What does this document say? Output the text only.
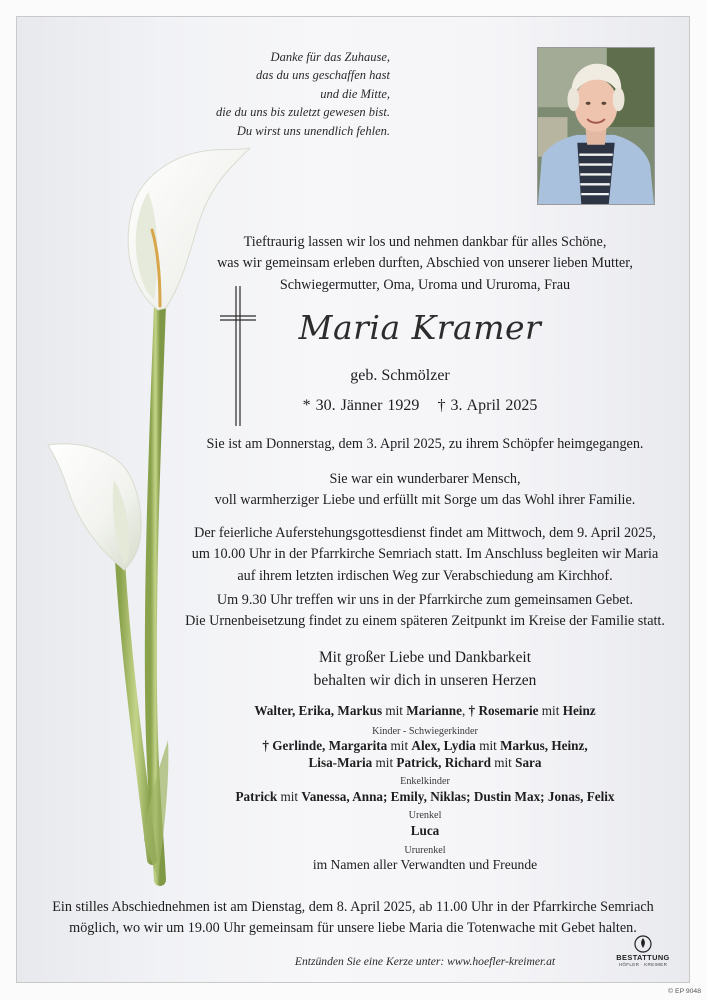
Danke für das Zuhause,
das du uns geschaffen hast
und die Mitte,
die du uns bis zuletzt gewesen bist.
Du wirst uns unendlich fehlen.
Tieftraurig lassen wir los und nehmen dankbar für alles Schöne,
was wir gemeinsam erleben durften, Abschied von unserer lieben Mutter,
Schwiegermutter, Oma, Uroma und Ururoma, Frau
Maria Kramer
geb. Schmölzer
* 30. Jänner 1929 † 3. April 2025
Sie ist am Donnerstag, dem 3. April 2025, zu ihrem Schöpfer heimgegangen.
Sie war ein wunderbarer Mensch,
voll warmherziger Liebe und erfüllt mit Sorge um das Wohl ihrer Familie.
Der feierliche Auferstehungsgottesdienst findet am Mittwoch, dem 9. April 2025,
um 10.00 Uhr in der Pfarrkirche Semriach statt. Im Anschluss begleiten wir Maria
auf ihrem letzten irdischen Weg zur Verabschiedung am Kirchhof.
Um 9.30 Uhr treffen wir uns in der Pfarrkirche zum gemeinsamen Gebet.
Die Urnenbeisetzung findet zu einem späteren Zeitpunkt im Kreise der Familie statt.
Mit großer Liebe und Dankbarkeit
behalten wir dich in unseren Herzen
Walter, Erika, Markus mit Marianne, † Rosemarie mit Heinz
Kinder - Schwiegerkinder
† Gerlinde, Margarita mit Alex, Lydia mit Markus, Heinz,
Lisa-Maria mit Patrick, Richard mit Sara
Enkelkinder
Patrick mit Vanessa, Anna; Emily, Niklas; Dustin Max; Jonas, Felix
Urenkel
Luca
Ururenkel
im Namen aller Verwandten und Freunde
Ein stilles Abschiednehmen ist am Dienstag, dem 8. April 2025, ab 11.00 Uhr in der Pfarrkirche Semriach
möglich, wo wir um 19.00 Uhr gemeinsam für unsere liebe Maria die Totenwache mit Gebet halten.
Entzünden Sie eine Kerze unter: www.hoefler-kreimer.at	BESTATTUNG
HÖFLER · KREIMER
© EP 9048
